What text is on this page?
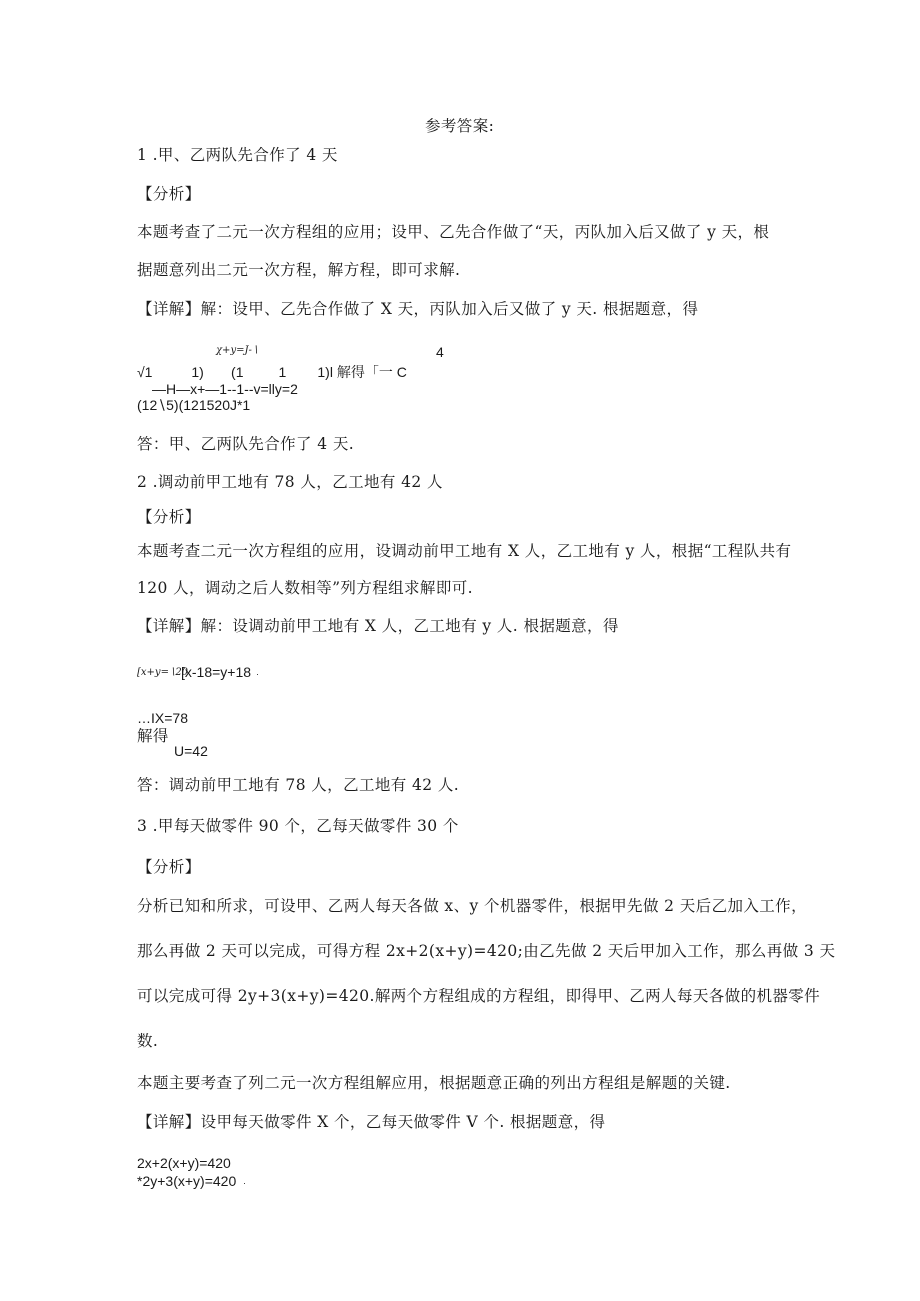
参考答案:
1 .甲、乙两队先合作了 4 天
【分析】
本题考查了二元一次方程组的应用；设甲、乙先合作做了“天，丙队加入后又做了 y 天，根
据题意列出二元一次方程，解方程，即可求解.
【详解】解：设甲、乙先合作做了 X 天，丙队加入后又做了 y 天. 根据题意，得
χ+y=J-∖	4
√1          1)       (1         1        1)l 解得「一 C
—H—x+—1--1--v=lly=2
(12∖5)(121520J*1
答：甲、乙两队先合作了 4 天.
2 .调动前甲工地有 78 人，乙工地有 42 人
【分析】
本题考查二元一次方程组的应用，设调动前甲工地有 X 人，乙工地有 y 人，根据“工程队共有
120 人，调动之后人数相等”列方程组求解即可.
【详解】解：设调动前甲工地有 X 人，乙工地有 y 人. 根据题意，得
[x+y=∖20
[x-18=y+18 ·
…IX=78
解得
U=42
答：调动前甲工地有 78 人，乙工地有 42 人.
3 .甲每天做零件 90 个，乙每天做零件 30 个
【分析】
分析已知和所求，可设甲、乙两人每天各做 x、y 个机器零件，根据甲先做 2 天后乙加入工作，
那么再做 2 天可以完成，可得方程 2x+2(x+y)=420;由乙先做 2 天后甲加入工作，那么再做 3 天
可以完成可得 2y+3(x+y)=420.解两个方程组成的方程组，即得甲、乙两人每天各做的机器零件
数.
本题主要考查了列二元一次方程组解应用，根据题意正确的列出方程组是解题的关键.
【详解】设甲每天做零件 X 个，乙每天做零件 V 个. 根据题意，得
2x+2(x+y)=420
*2y+3(x+y)=420 ·
